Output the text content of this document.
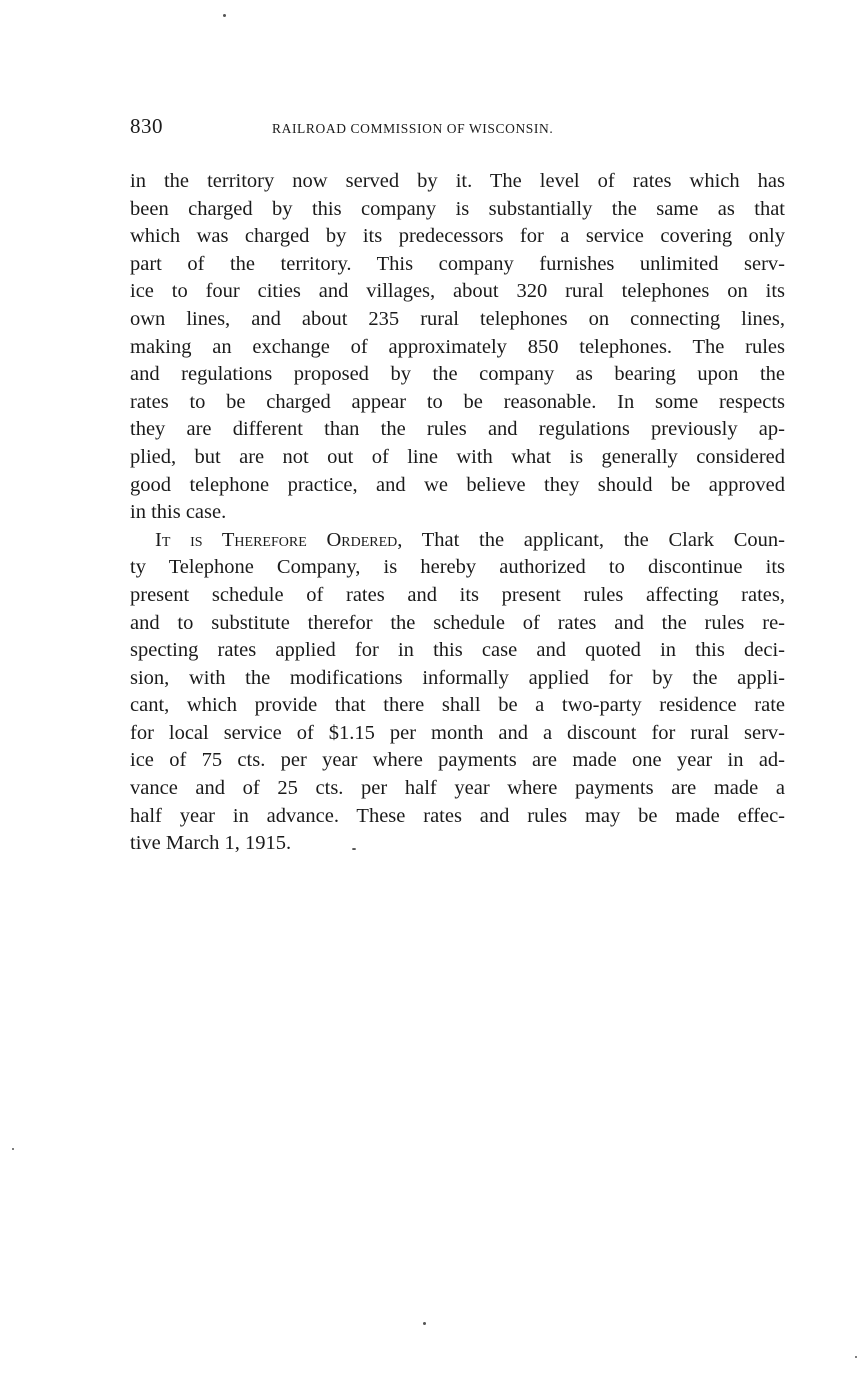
830	RAILROAD COMMISSION OF WISCONSIN.
in the territory now served by it. The level of rates which has
been charged by this company is substantially the same as that
which was charged by its predecessors for a service covering only
part of the territory. This company furnishes unlimited serv-
ice to four cities and villages, about 320 rural telephones on its
own lines, and about 235 rural telephones on connecting lines,
making an exchange of approximately 850 telephones. The rules
and regulations proposed by the company as bearing upon the
rates to be charged appear to be reasonable. In some respects
they are different than the rules and regulations previously ap-
plied, but are not out of line with what is generally considered
good telephone practice, and we believe they should be approved
in this case.
It is Therefore Ordered, That the applicant, the Clark Coun-
ty Telephone Company, is hereby authorized to discontinue its
present schedule of rates and its present rules affecting rates,
and to substitute therefor the schedule of rates and the rules re-
specting rates applied for in this case and quoted in this deci-
sion, with the modifications informally applied for by the appli-
cant, which provide that there shall be a two-party residence rate
for local service of $1.15 per month and a discount for rural serv-
ice of 75 cts. per year where payments are made one year in ad-
vance and of 25 cts. per half year where payments are made a
half year in advance. These rates and rules may be made effec-
tive March 1, 1915.
